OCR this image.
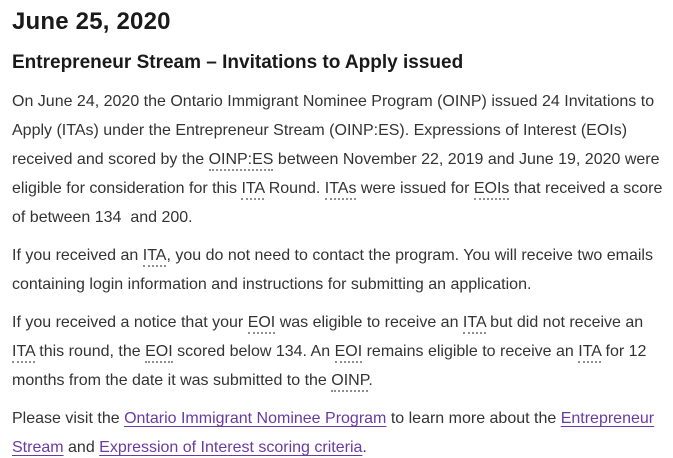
June 25, 2020
Entrepreneur Stream – Invitations to Apply issued

On June 24, 2020 the Ontario Immigrant Nominee Program (OINP) issued 24 Invitations to Apply (ITAs) under the Entrepreneur Stream (OINP:ES). Expressions of Interest (EOIs) received and scored by the OINP:ES between November 22, 2019 and June 19, 2020 were eligible for consideration for this ITA Round. ITAs were issued for EOIs that received a score of between 134  and 200.

If you received an ITA, you do not need to contact the program. You will receive two emails containing login information and instructions for submitting an application.

If you received a notice that your EOI was eligible to receive an ITA but did not receive an ITA this round, the EOI scored below 134. An EOI remains eligible to receive an ITA for 12 months from the date it was submitted to the OINP.

Please visit the Ontario Immigrant Nominee Program to learn more about the Entrepreneur Stream and Expression of Interest scoring criteria.
